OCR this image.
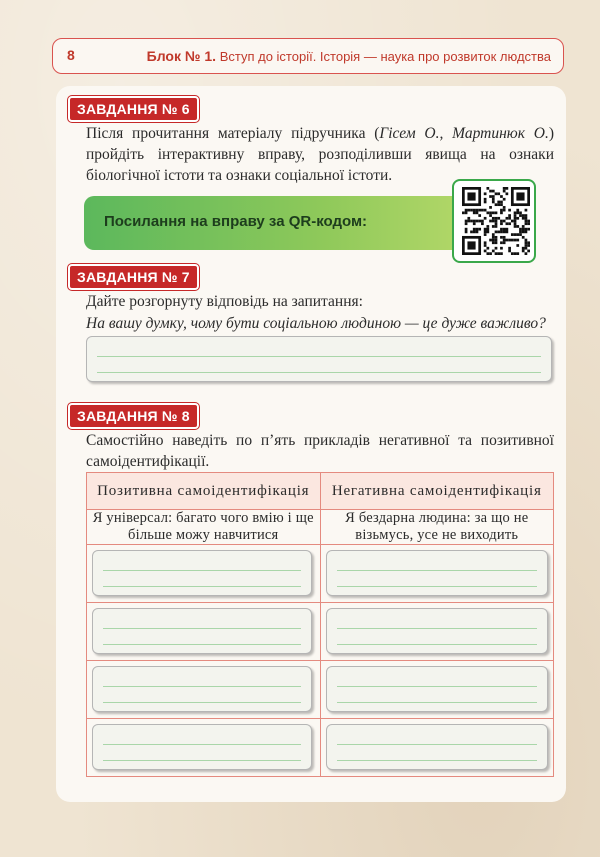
8	Блок № 1. Вступ до історії. Історія — наука про розвиток людства
ЗАВДАННЯ № 6
Після прочитання матеріалу підручника (Гісем О., Мартинюк О.) пройдіть інтерактивну вправу, розподіливши явища на ознаки біологічної істоти та ознаки соціальної істоти.
Посилання на вправу за QR-кодом:
ЗАВДАННЯ № 7
Дайте розгорнуту відповідь на запитання:
На вашу думку, чому бути соціальною людиною — це дуже важливо?
ЗАВДАННЯ № 8
Самостійно наведіть по п’ять прикладів негативної та позитивної самоідентифікації.
Позитивна самоідентифікація	Негативна самоідентифікація
Я універсал: багато чого вмію і ще більше можу навчитися	Я бездарна людина: за що не візьмусь, усе не виходить
